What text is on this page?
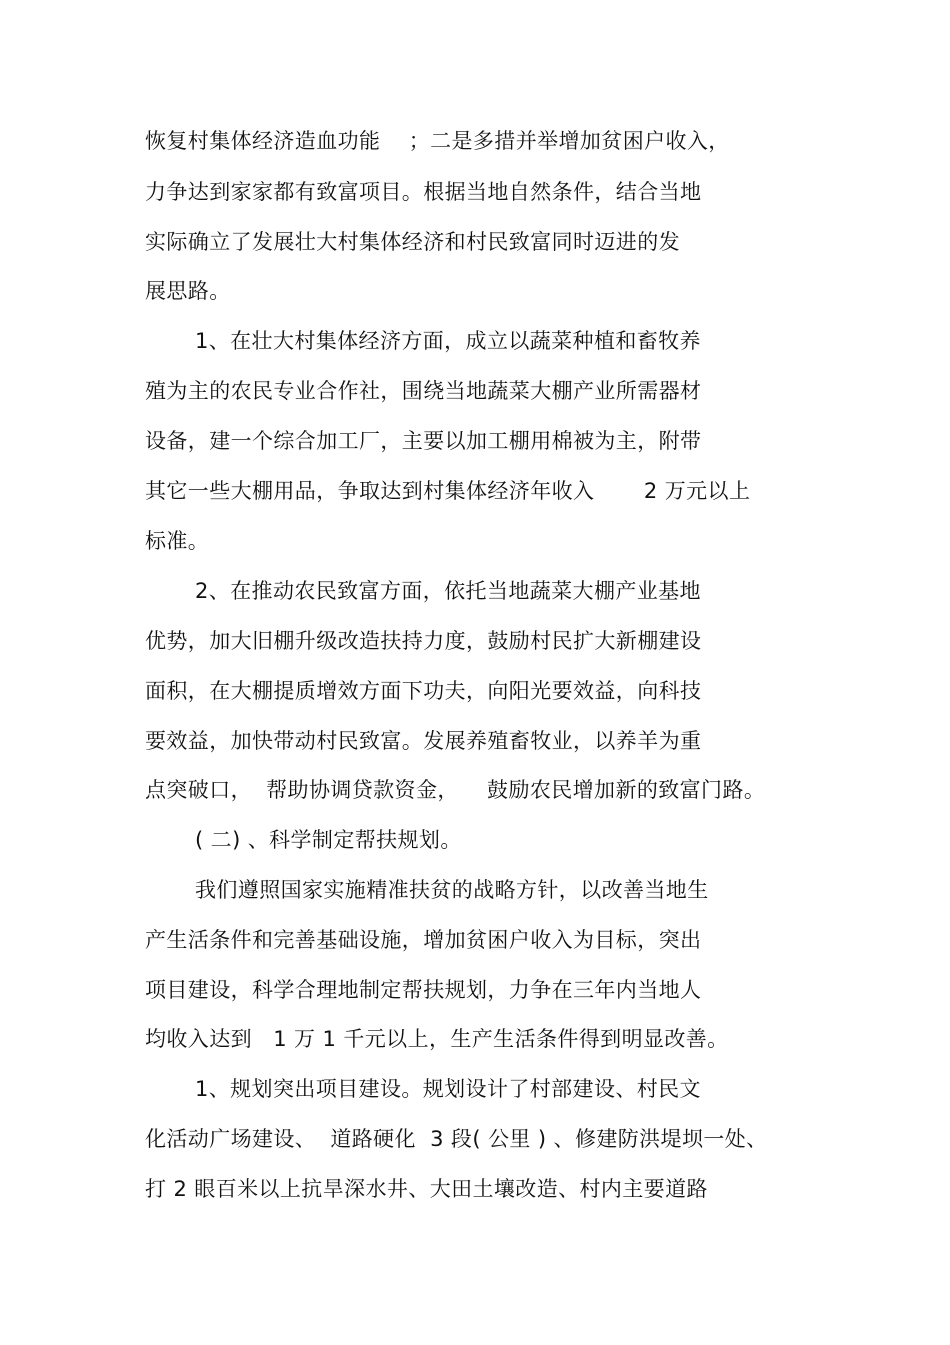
恢复村集体经济造血功能    ；二是多措并举增加贫困户收入，
力争达到家家都有致富项目。根据当地自然条件，结合当地
实际确立了发展壮大村集体经济和村民致富同时迈进的发
展思路。
1、在壮大村集体经济方面，成立以蔬菜种植和畜牧养
殖为主的农民专业合作社，围绕当地蔬菜大棚产业所需器材
设备，建一个综合加工厂，主要以加工棚用棉被为主，附带
其它一些大棚用品，争取达到村集体经济年收入       2 万元以上
标准。
2、在推动农民致富方面，依托当地蔬菜大棚产业基地
优势，加大旧棚升级改造扶持力度，鼓励村民扩大新棚建设
面积，在大棚提质增效方面下功夫，向阳光要效益，向科技
要效益，加快带动村民致富。发展养殖畜牧业，以养羊为重
点突破口，  帮助协调贷款资金，    鼓励农民增加新的致富门路。
( 二) 、科学制定帮扶规划。
我们遵照国家实施精准扶贫的战略方针，以改善当地生
产生活条件和完善基础设施，增加贫困户收入为目标，突出
项目建设，科学合理地制定帮扶规划，力争在三年内当地人
均收入达到   1 万 1 千元以上，生产生活条件得到明显改善。
1、规划突出项目建设。规划设计了村部建设、村民文
化活动广场建设、  道路硬化  3 段( 公里 ) 、修建防洪堤坝一处、
打 2 眼百米以上抗旱深水井、大田土壤改造、村内主要道路
